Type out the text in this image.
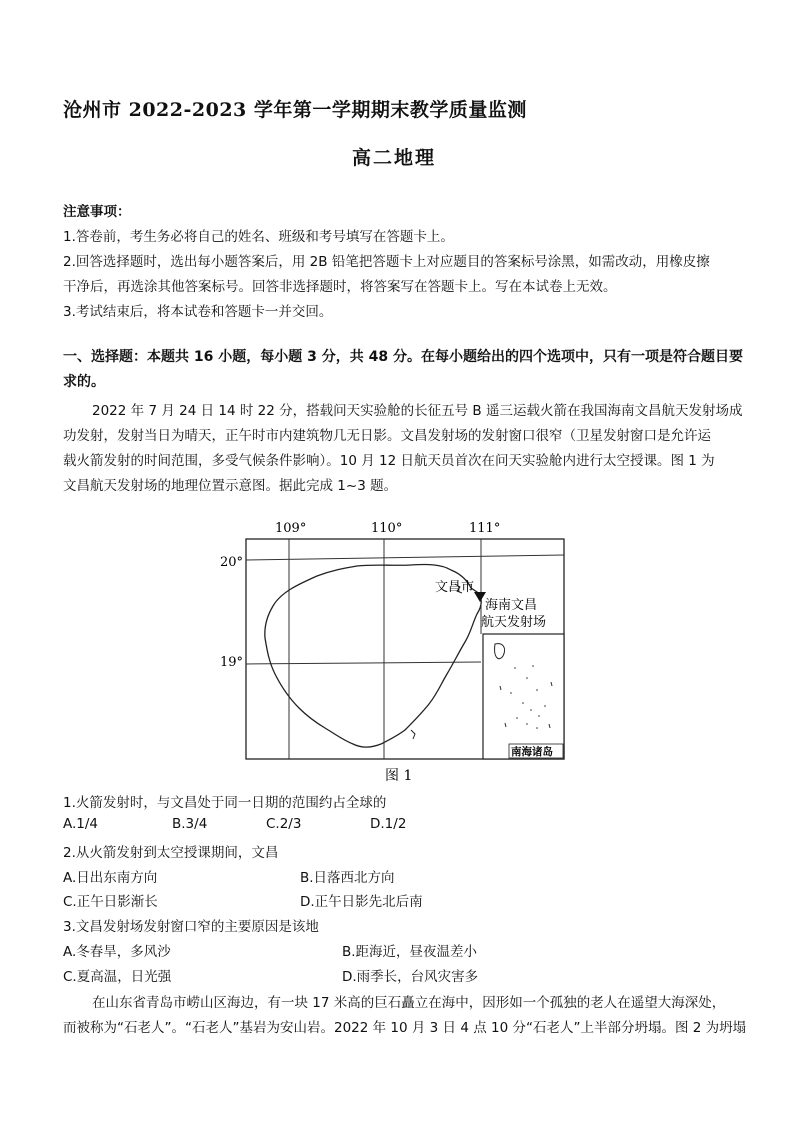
沧州市 2022-2023 学年第一学期期末教学质量监测
高二地理
注意事项：
1.答卷前，考生务必将自己的姓名、班级和考号填写在答题卡上。
2.回答选择题时，选出每小题答案后，用 2B 铅笔把答题卡上对应题目的答案标号涂黑，如需改动，用橡皮擦
干净后，再选涂其他答案标号。回答非选择题时，将答案写在答题卡上。写在本试卷上无效。
3.考试结束后，将本试卷和答题卡一并交回。
一、选择题：本题共 16 小题，每小题 3 分，共 48 分。在每小题给出的四个选项中，只有一项是符合题目要
求的。
2022 年 7 月 24 日 14 时 22 分，搭载问天实验舱的长征五号 B 遥三运载火箭在我国海南文昌航天发射场成
功发射，发射当日为晴天，正午时市内建筑物几无日影。文昌发射场的发射窗口很窄（卫星发射窗口是允许运
载火箭发射的时间范围，多受气候条件影响）。10 月 12 日航天员首次在问天实验舱内进行太空授课。图 1 为
文昌航天发射场的地理位置示意图。据此完成 1~3 题。
109°	110°	111°
20°
19°
文昌市
海南文昌
航天发射场
南海诸岛
图 1
1.火箭发射时，与文昌处于同一日期的范围约占全球的
A.1/4	B.3/4	C.2/3	D.1/2
2.从火箭发射到太空授课期间，文昌
A.日出东南方向	B.日落西北方向
C.正午日影渐长	D.正午日影先北后南
3.文昌发射场发射窗口窄的主要原因是该地
A.冬春旱，多风沙	B.距海近，昼夜温差小
C.夏高温，日光强	D.雨季长，台风灾害多
在山东省青岛市崂山区海边，有一块 17 米高的巨石矗立在海中，因形如一个孤独的老人在遥望大海深处，
而被称为“石老人”。“石老人”基岩为安山岩。2022 年 10 月 3 日 4 点 10 分“石老人”上半部分坍塌。图 2 为坍塌
